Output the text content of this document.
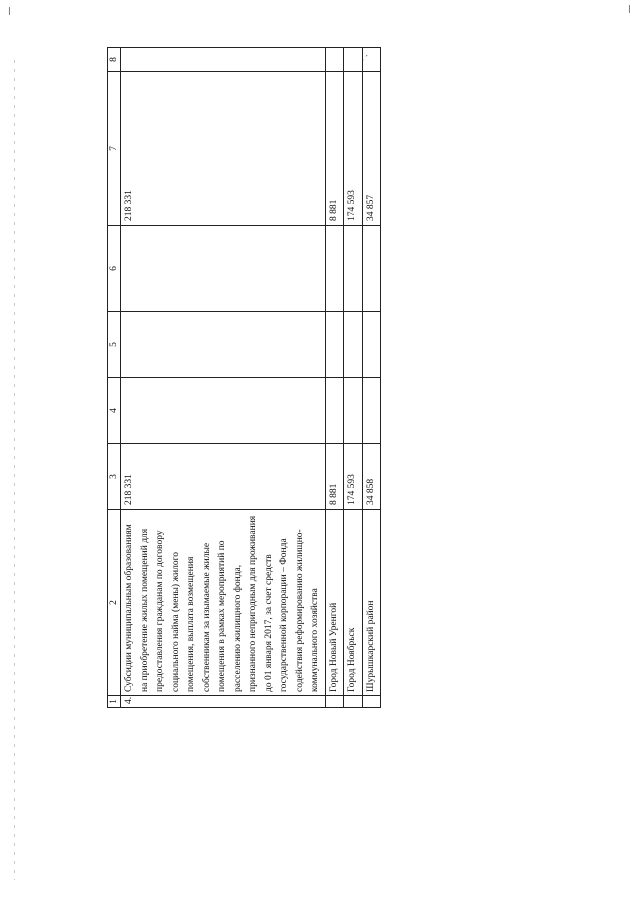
ǀ	ǀ
·ˊ
1	2	3	4	5	6	7	8
4.	Субсидии муниципальным образованиям на приобретение жилых помещений для предоставления гражданам по договору социального найма (мены) жилого помещения, выплата возмещения собственникам за изымаемые жилые помещения в рамках мероприятий по расселению жилищного фонда, признанного непригодным для проживания до 01 января 2017, за счет средств государственной корпорации – Фонда содействия реформированию жилищно-коммунального хозяйства	218 331				218 331	
	Город Новый Уренгой	8 881				8 881	
	Город Ноябрьск	174 593				174 593	
	Шурышкарский район	34 858				34 857	
